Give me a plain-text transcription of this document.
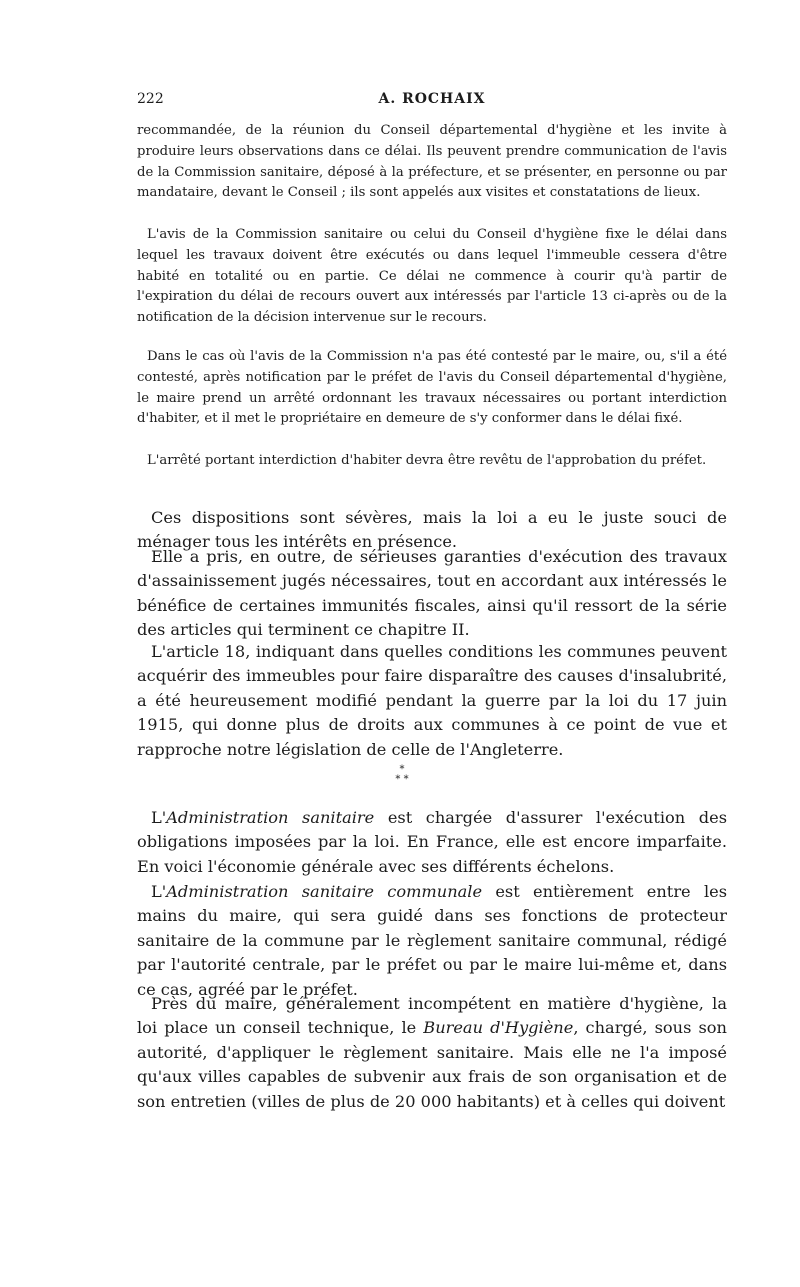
222	A. ROCHAIX

recommandée, de la réunion du Conseil départemental d'hygiène et les invite à produire leurs observations dans ce délai. Ils peuvent prendre communication de l'avis de la Commission sanitaire, déposé à la préfecture, et se présenter, en personne ou par mandataire, devant le Conseil ; ils sont appelés aux visites et constatations de lieux.

L'avis de la Commission sanitaire ou celui du Conseil d'hygiène fixe le délai dans lequel les travaux doivent être exécutés ou dans lequel l'immeuble cessera d'être habité en totalité ou en partie. Ce délai ne commence à courir qu'à partir de l'expiration du délai de recours ouvert aux intéressés par l'article 13 ci-après ou de la notification de la décision intervenue sur le recours.

Dans le cas où l'avis de la Commission n'a pas été contesté par le maire, ou, s'il a été contesté, après notification par le préfet de l'avis du Conseil départemental d'hygiène, le maire prend un arrêté ordonnant les travaux nécessaires ou portant interdiction d'habiter, et il met le propriétaire en demeure de s'y conformer dans le délai fixé.

L'arrêté portant interdiction d'habiter devra être revêtu de l'approbation du préfet.

Ces dispositions sont sévères, mais la loi a eu le juste souci de ménager tous les intérêts en présence.

Elle a pris, en outre, de sérieuses garanties d'exécution des travaux d'assainissement jugés nécessaires, tout en accordant aux intéressés le bénéfice de certaines immunités fiscales, ainsi qu'il ressort de la série des articles qui terminent ce chapitre II.

L'article 18, indiquant dans quelles conditions les communes peuvent acquérir des immeubles pour faire disparaître des causes d'insalubrité, a été heureusement modifié pendant la guerre par la loi du 17 juin 1915, qui donne plus de droits aux communes à ce point de vue et rapproche notre législation de celle de l'Angleterre.

*
* *

L'Administration sanitaire est chargée d'assurer l'exécution des obligations imposées par la loi. En France, elle est encore imparfaite. En voici l'économie générale avec ses différents échelons.

L'Administration sanitaire communale est entièrement entre les mains du maire, qui sera guidé dans ses fonctions de protecteur sanitaire de la commune par le règlement sanitaire communal, rédigé par l'autorité centrale, par le préfet ou par le maire lui-même et, dans ce cas, agréé par le préfet.

Près du maire, généralement incompétent en matière d'hygiène, la loi place un conseil technique, le Bureau d'Hygiène, chargé, sous son autorité, d'appliquer le règlement sanitaire. Mais elle ne l'a imposé qu'aux villes capables de subvenir aux frais de son organisation et de son entretien (villes de plus de 20 000 habitants) et à celles qui doivent
